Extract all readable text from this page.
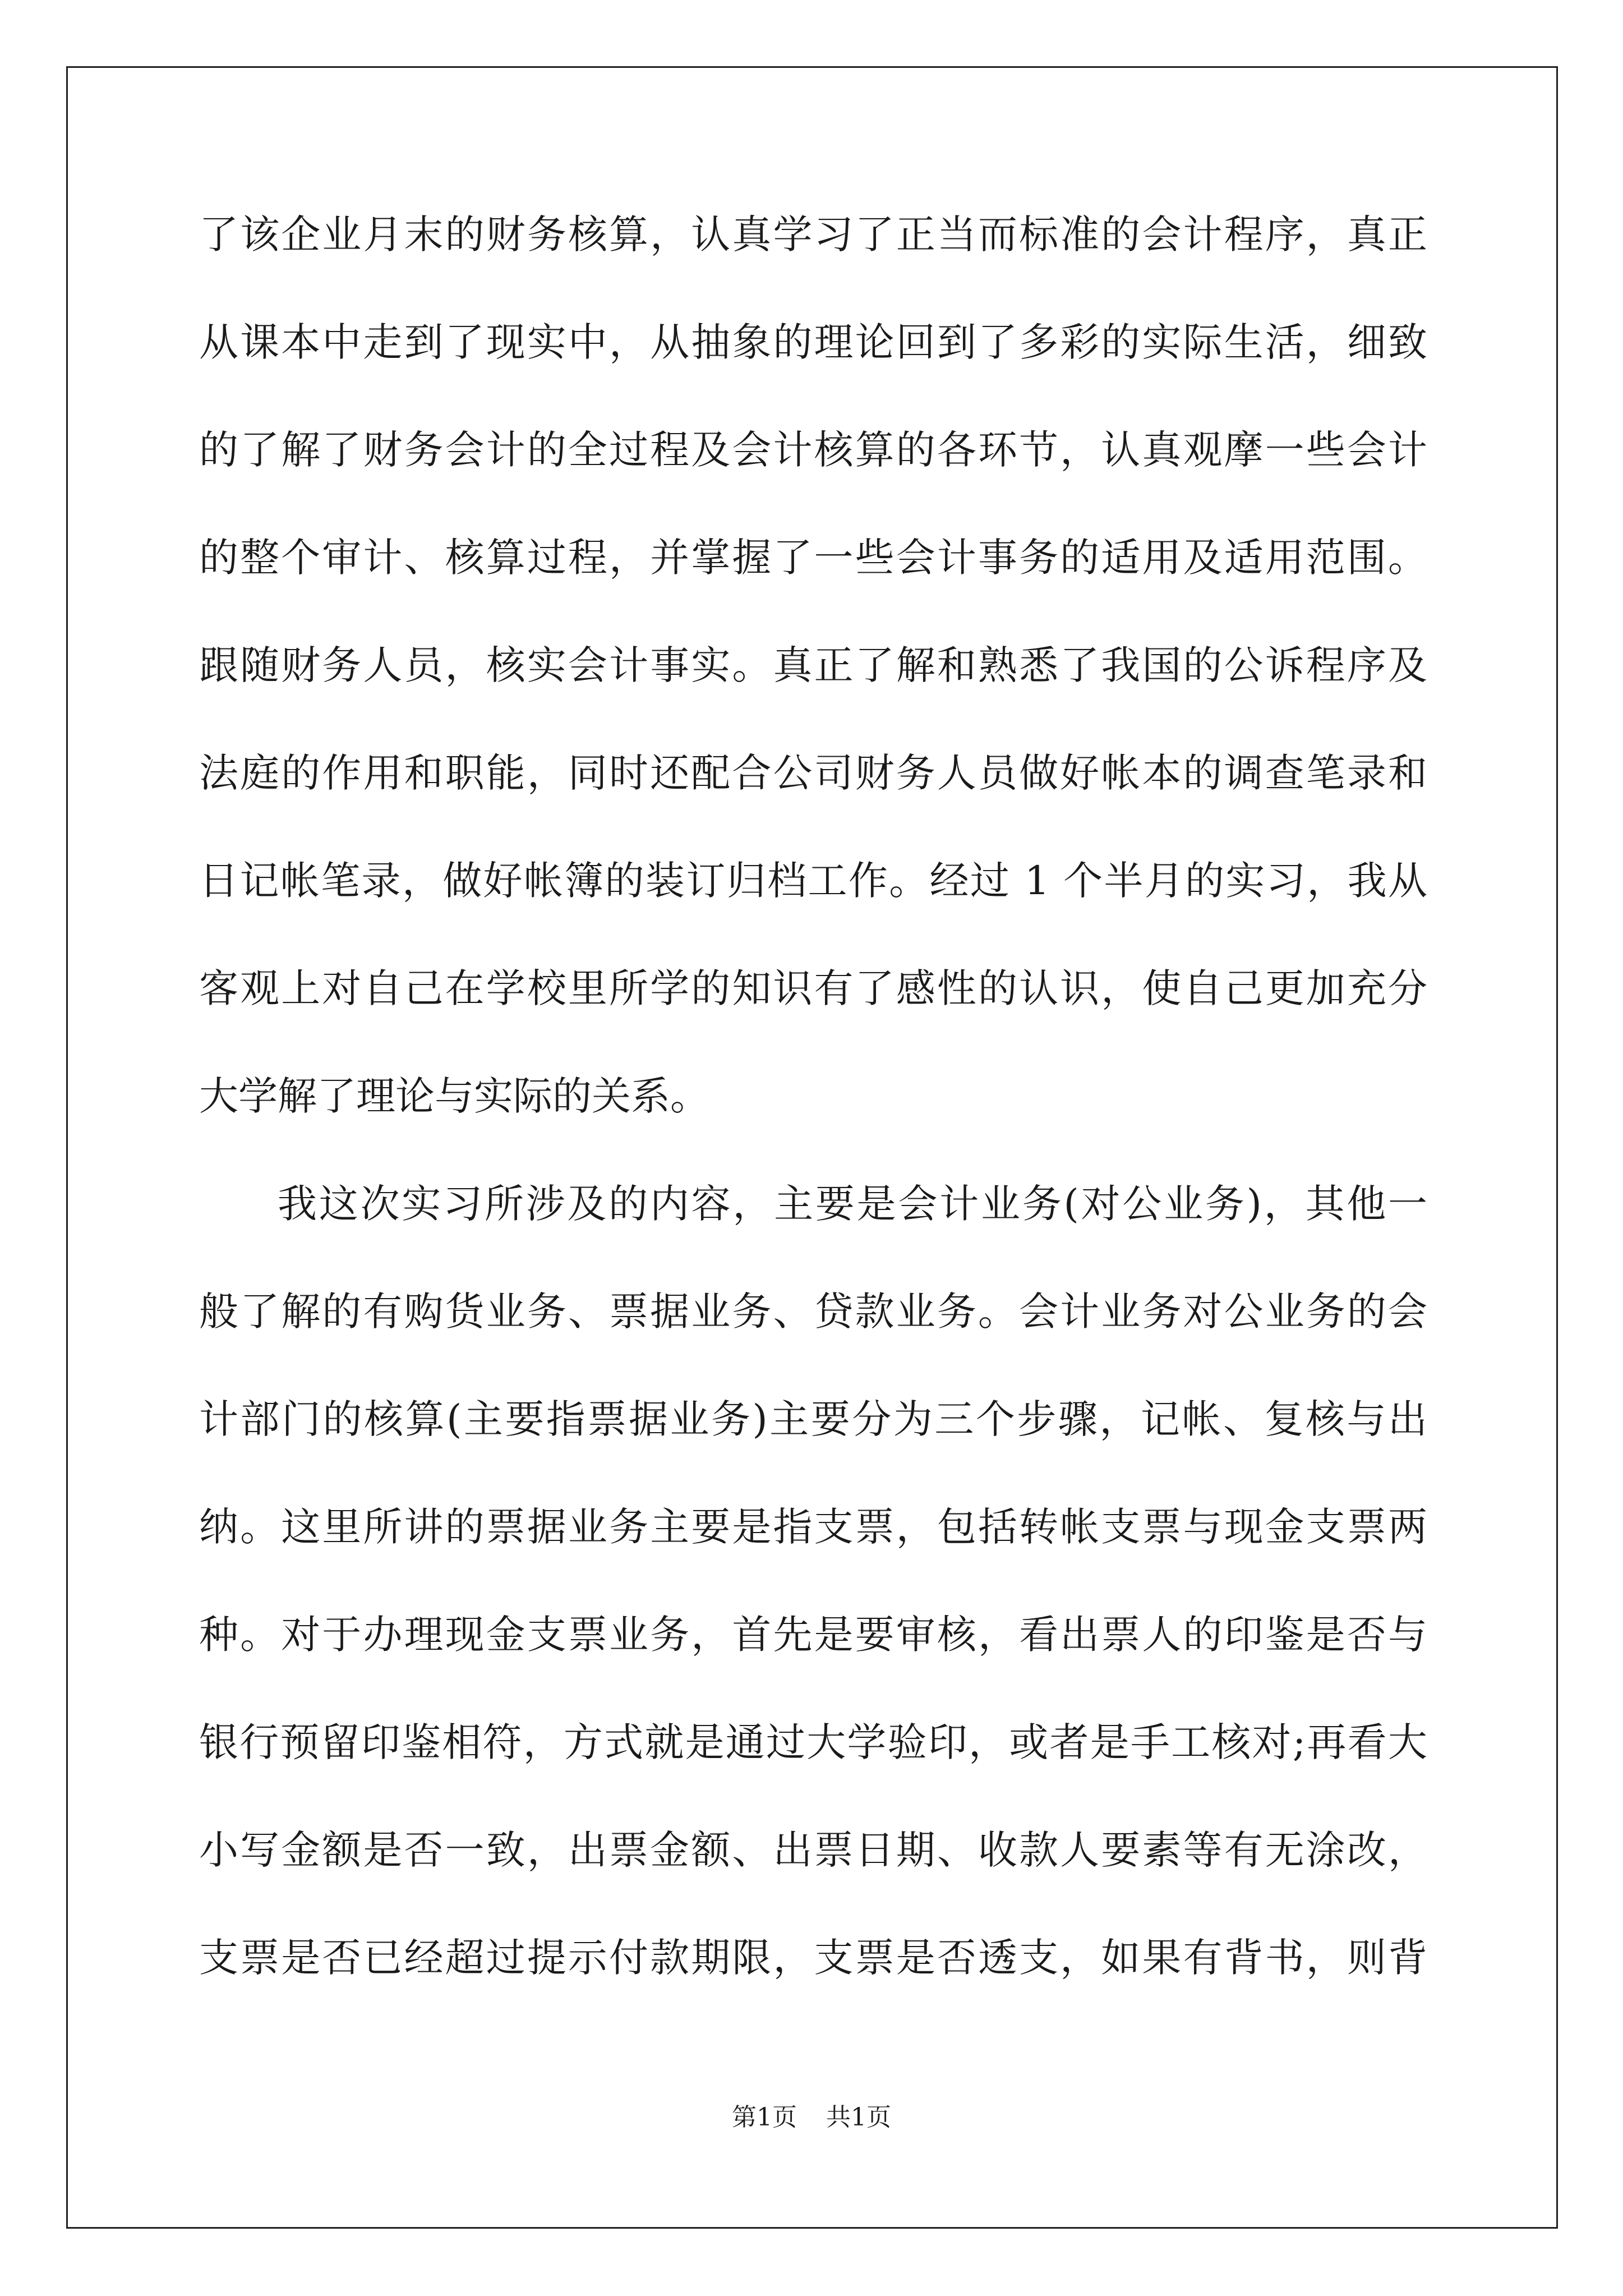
了该企业月末的财务核算，认真学习了正当而标准的会计程序，真正
从课本中走到了现实中，从抽象的理论回到了多彩的实际生活，细致
的了解了财务会计的全过程及会计核算的各环节，认真观摩一些会计
的整个审计、核算过程，并掌握了一些会计事务的适用及适用范围。
跟随财务人员，核实会计事实。真正了解和熟悉了我国的公诉程序及
法庭的作用和职能，同时还配合公司财务人员做好帐本的调查笔录和
日记帐笔录，做好帐簿的装订归档工作。经过 1 个半月的实习，我从
客观上对自己在学校里所学的知识有了感性的认识，使自己更加充分
大学解了理论与实际的关系。
我这次实习所涉及的内容，主要是会计业务(对公业务)，其他一
般了解的有购货业务、票据业务、贷款业务。会计业务对公业务的会
计部门的核算(主要指票据业务)主要分为三个步骤，记帐、复核与出
纳。这里所讲的票据业务主要是指支票，包括转帐支票与现金支票两
种。对于办理现金支票业务，首先是要审核，看出票人的印鉴是否与
银行预留印鉴相符，方式就是通过大学验印，或者是手工核对;再看大
小写金额是否一致，出票金额、出票日期、收款人要素等有无涂改，
支票是否已经超过提示付款期限，支票是否透支，如果有背书，则背
第1页 共1页
